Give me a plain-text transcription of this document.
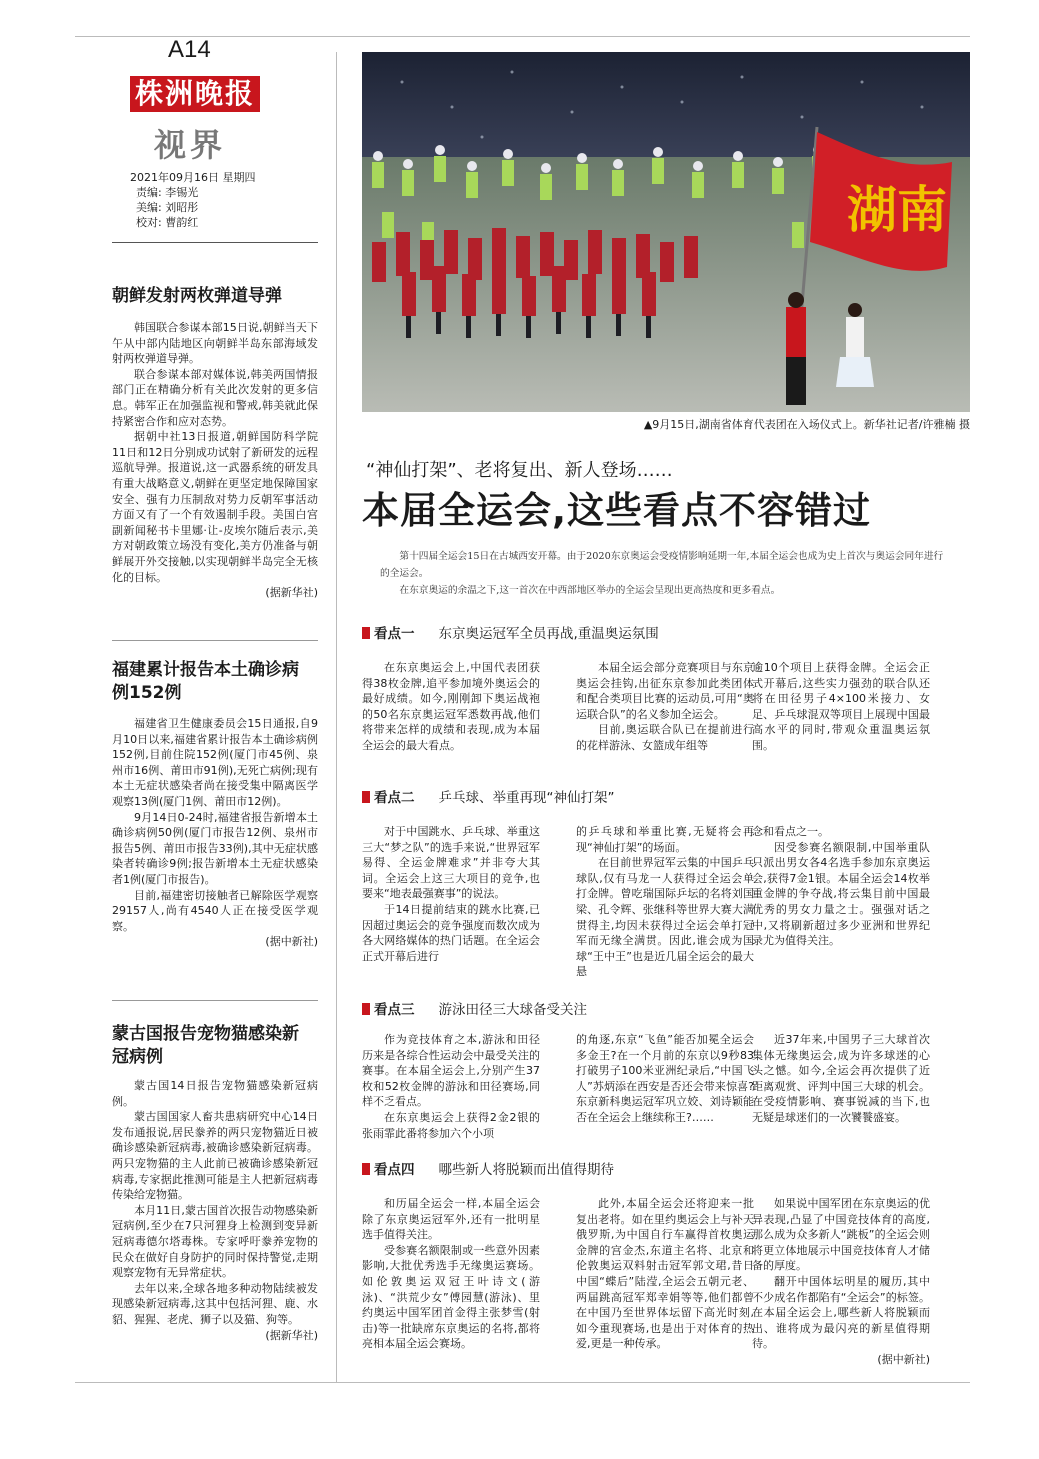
A14
株洲晚报
视界
2021年09月16日 星期四
责编: 李锡光
美编: 刘昭彤
校对: 曹韵红
朝鲜发射两枚弹道导弹

韩国联合参谋本部15日说,朝鲜当天下午从中部内陆地区向朝鲜半岛东部海域发射两枚弹道导弹。

联合参谋本部对媒体说,韩美两国情报部门正在精确分析有关此次发射的更多信息。韩军正在加强监视和警戒,韩美就此保持紧密合作和应对态势。

据朝中社13日报道,朝鲜国防科学院11日和12日分别成功试射了新研发的远程巡航导弹。报道说,这一武器系统的研发具有重大战略意义,朝鲜在更坚定地保障国家安全、强有力压制敌对势力反朝军事活动方面又有了一个有效遏制手段。美国白宫副新闻秘书卡里娜·让-皮埃尔随后表示,美方对朝政策立场没有变化,美方仍准备与朝鲜展开外交接触,以实现朝鲜半岛完全无核化的目标。

(据新华社)
福建累计报告本土确诊病例152例

福建省卫生健康委员会15日通报,自9月10日以来,福建省累计报告本土确诊病例152例,目前住院152例(厦门市45例、泉州市16例、莆田市91例),无死亡病例;现有本土无症状感染者尚在接受集中隔离医学观察13例(厦门1例、莆田市12例)。

9月14日0-24时,福建省报告新增本土确诊病例50例(厦门市报告12例、泉州市报告5例、莆田市报告33例),其中无症状感染者转确诊9例;报告新增本土无症状感染者1例(厦门市报告)。

目前,福建密切接触者已解除医学观察29157人,尚有4540人正在接受医学观察。

(据中新社)
蒙古国报告宠物猫感染新冠病例

蒙古国14日报告宠物猫感染新冠病例。

蒙古国国家人畜共患病研究中心14日发布通报说,居民豢养的两只宠物猫近日被确诊感染新冠病毒,被确诊感染新冠病毒。两只宠物猫的主人此前已被确诊感染新冠病毒,专家据此推测可能是主人把新冠病毒传染给宠物猫。

本月11日,蒙古国首次报告动物感染新冠病例,至少在7只河狸身上检测到变异新冠病毒德尔塔毒株。专家呼吁豢养宠物的民众在做好自身防护的同时保持警觉,走期观察宠物有无异常症状。

去年以来,全球各地多种动物陆续被发现感染新冠病毒,这其中包括河狸、鹿、水貂、猩猩、老虎、狮子以及猫、狗等。

(据新华社)
湖南
▲9月15日,湖南省体育代表团在入场仪式上。新华社记者/许雅楠 摄
“神仙打架”、老将复出、新人登场……
本届全运会,这些看点不容错过

第十四届全运会15日在古城西安开幕。由于2020东京奥运会受疫情影响延期一年,本届全运会也成为史上首次与奥运会同年进行的全运会。

在东京奥运的余温之下,这一首次在中西部地区举办的全运会呈现出更高热度和更多看点。

看点一 东京奥运冠军全员再战,重温奥运氛围

在东京奥运会上,中国代表团获得38枚金牌,追平参加境外奥运会的最好成绩。如今,刚刚卸下奥运战袍的50名东京奥运冠军悉数再战,他们将带来怎样的成绩和表现,成为本届全运会的最大看点。

本届全运会部分竞赛项目与东京奥运会挂钩,出征东京参加此类团体和配合类项目比赛的运动员,可用“奥运联合队”的名义参加全运会。

目前,奥运联合队已在提前进行的花样游泳、女篮成年组等

逾10个项目上获得金牌。全运会正式开幕后,这些实力强劲的联合队还将在田径男子4×100米接力、女足、乒乓球混双等项目上展现中国最高水平的同时,带观众重温奥运氛围。

看点二 乒乓球、举重再现“神仙打架”

对于中国跳水、乒乓球、举重这三大“梦之队”的选手来说,“世界冠军易得、全运金牌难求”并非夸大其词。全运会上这三大项目的竞争,也要来“地表最强赛事”的说法。

于14日提前结束的跳水比赛,已因超过奥运会的竞争强度而数次成为各大网络媒体的热门话题。在全运会正式开幕后进行

的乒乓球和举重比赛,无疑将会再现“神仙打架”的场面。

在目前世界冠军云集的中国乒乓球队,仅有马龙一人获得过全运会单打金牌。曾吃瑞国际乒坛的名将刘国梁、孔令辉、张继科等世界大赛大满贯得主,均因未获得过全运会单打冠军而无缘全满贯。因此,谁会成为国球“王中王”也是近几届全运会的最大悬

念和看点之一。

因受参赛名额限制,中国举重队只派出男女各4名选手参加东京奥运会,获得7金1银。本届全运会14枚举重金牌的争夺战,将云集目前中国最优秀的男女力量之士。强强对话之中,又将刷新超过多少亚洲和世界纪录尤为值得关注。

看点三 游泳田径三大球备受关注

作为竞技体育之本,游泳和田径历来是各综合性运动会中最受关注的赛事。在本届全运会上,分别产生37枚和52枚金牌的游泳和田径赛场,同样不乏看点。

在东京奥运会上获得2金2银的张雨霏此番将参加六个小项

的角逐,东京“飞鱼”能否加冕全运会多金王?在一个月前的东京以9秒83打破男子100米亚洲纪录后,“中国飞人”苏炳添在西安是否还会带来惊喜?东京新科奥运冠军巩立姣、刘诗颖能否在全运会上继续称王?……

近37年来,中国男子三大球首次集体无缘奥运会,成为许多球迷的心头之憾。如今,全运会再次提供了近距离观赏、评判中国三大球的机会。在受疫情影响、赛事锐减的当下,也无疑是球迷们的一次饕餮盛宴。

看点四 哪些新人将脱颖而出值得期待

和历届全运会一样,本届全运会除了东京奥运冠军外,还有一批明星选手值得关注。

受参赛名额限制或一些意外因素影响,大批优秀选手无缘奥运赛场。如伦敦奥运双冠王叶诗文(游泳)、“洪荒少女”傅园慧(游泳)、里约奥运中国军团首金得主张梦雪(射击)等一批缺席东京奥运的名将,都将亮相本届全运会赛场。

此外,本届全运会还将迎来一批复出老将。如在里约奥运会上与补天俄罗斯,为中国自行车赢得首枚奥运金牌的宫金杰,东道主名将、北京和伦敦奥运双料射击冠军郭文珺,昔日中国“蝶后”陆滢,全运会五朝元老、两届跳高冠军郑幸娟等等,他们都曾在中国乃至世界体坛留下高光时刻,如今重现赛场,也是出于对体育的热爱,更是一种传承。

如果说中国军团在东京奥运的优异表现,凸显了中国竞技体育的高度,那么成为众多新人“跳板”的全运会则将更立体地展示中国竞技体育人才储备的厚度。

翻开中国体坛明星的履历,其中不少成名作都陷有“全运会”的标签。在本届全运会上,哪些新人将脱颖而出、谁将成为最闪亮的新星值得期待。

(据中新社)
